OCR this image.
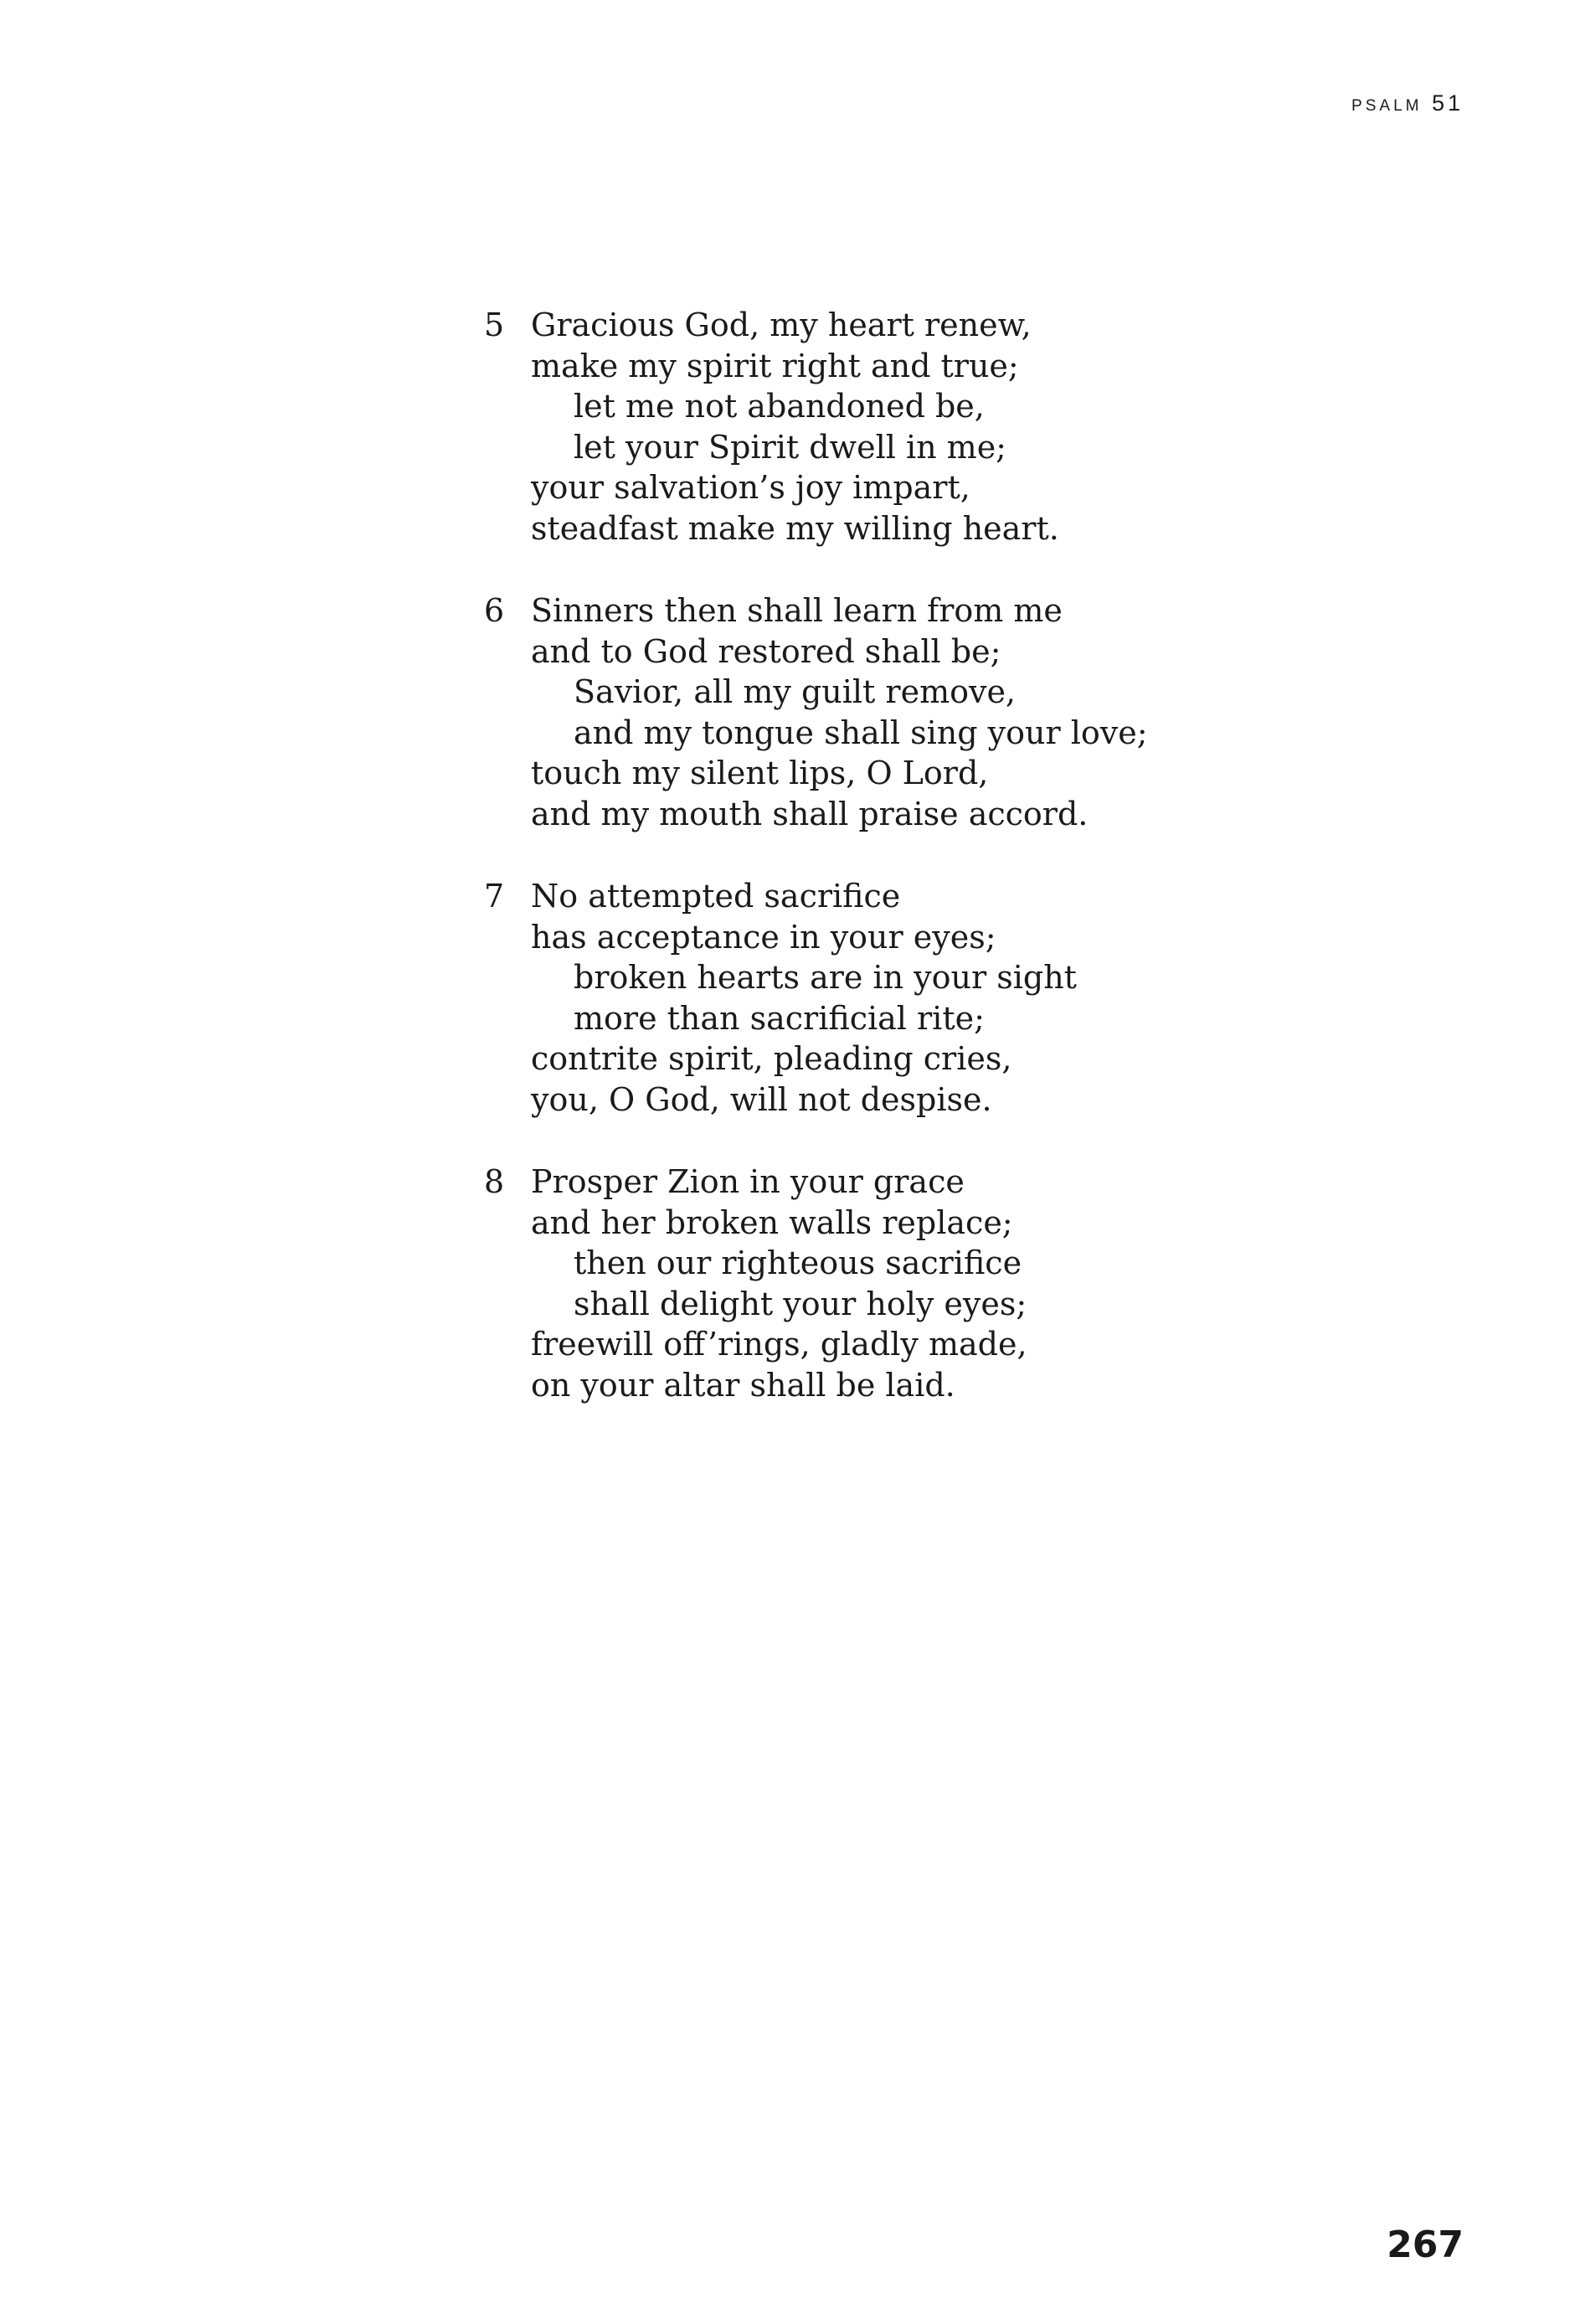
psalm 51
5 Gracious God, my heart renew,
make my spirit right and true;
let me not abandoned be,
let your Spirit dwell in me;
your salvation’s joy impart,
steadfast make my willing heart.
6 Sinners then shall learn from me
and to God restored shall be;
Savior, all my guilt remove,
and my tongue shall sing your love;
touch my silent lips, O Lord,
and my mouth shall praise accord.
7 No attempted sacrifice
has acceptance in your eyes;
broken hearts are in your sight
more than sacrificial rite;
contrite spirit, pleading cries,
you, O God, will not despise.
8 Prosper Zion in your grace
and her broken walls replace;
then our righteous sacrifice
shall delight your holy eyes;
freewill off’rings, gladly made,
on your altar shall be laid.
267
